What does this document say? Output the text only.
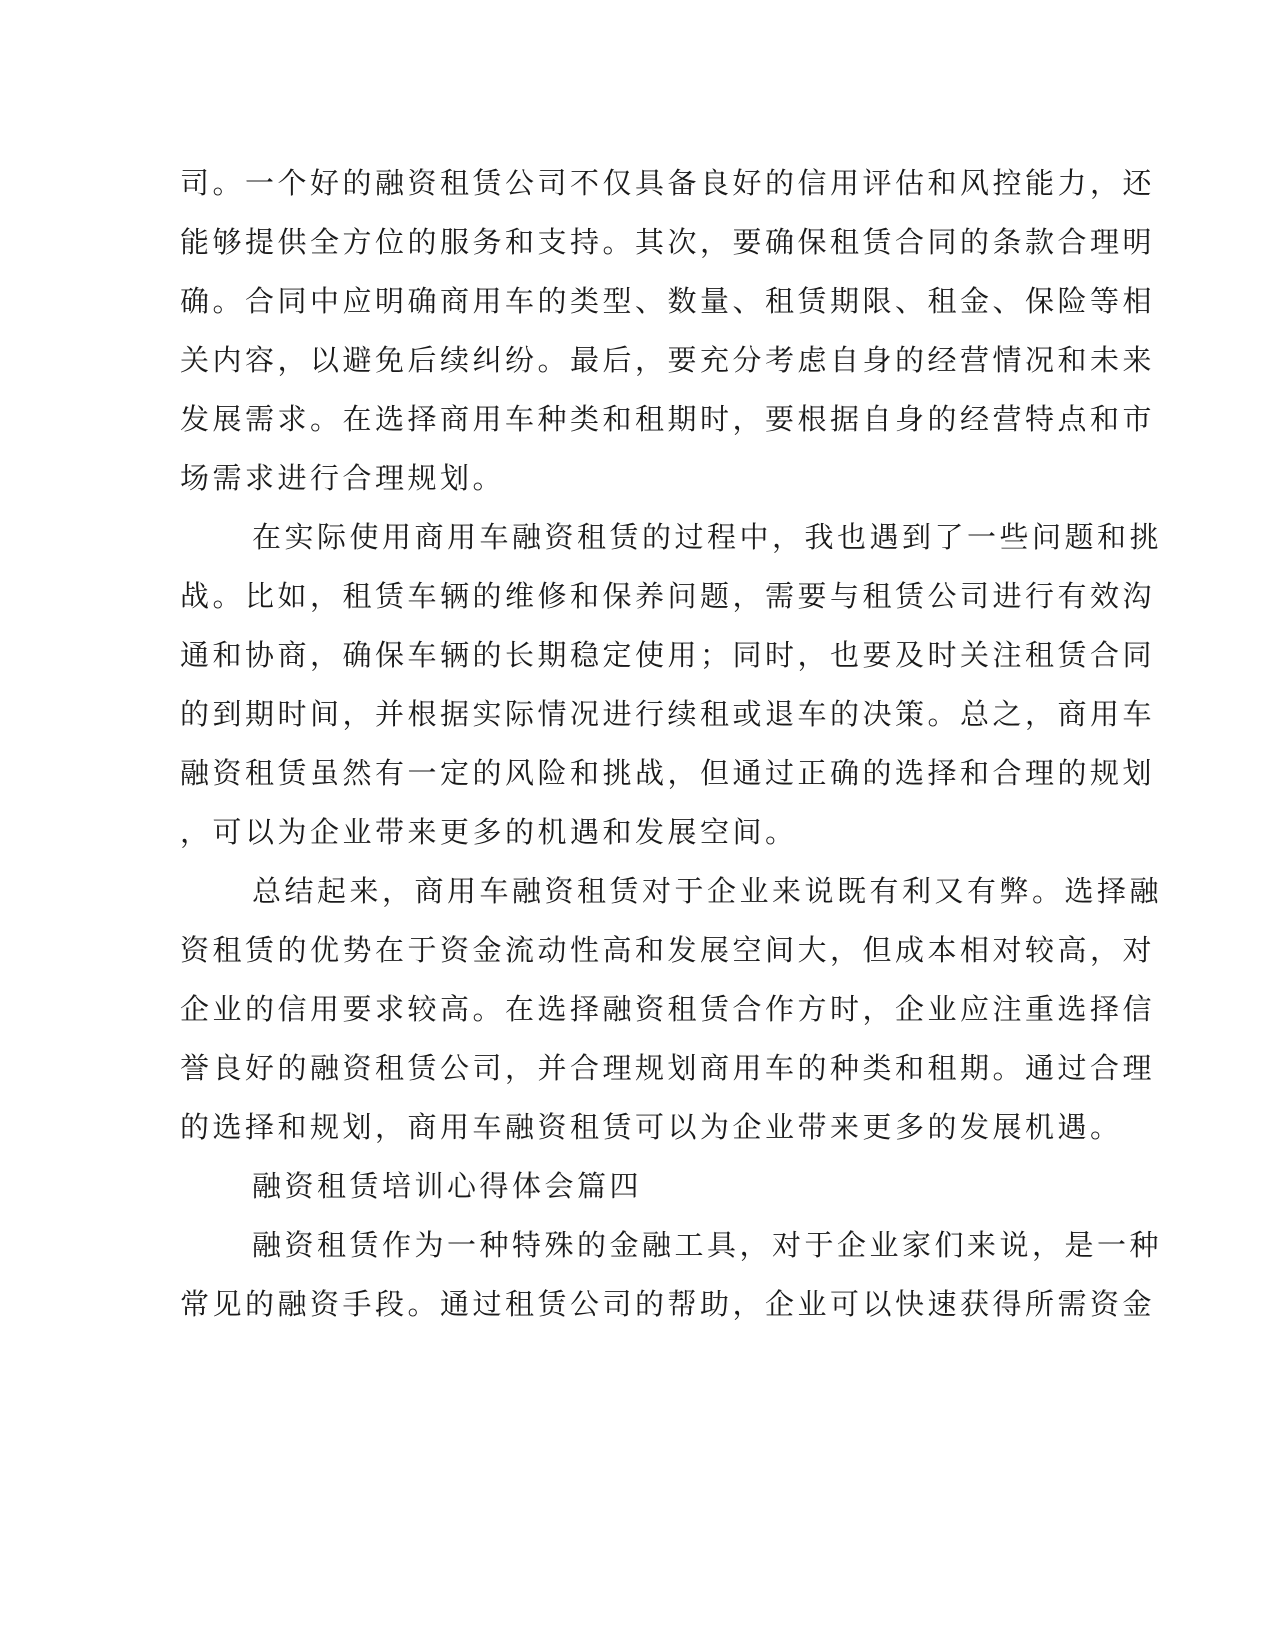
司。一个好的融资租赁公司不仅具备良好的信用评估和风控能力，还

能够提供全方位的服务和支持。其次，要确保租赁合同的条款合理明

确。合同中应明确商用车的类型、数量、租赁期限、租金、保险等相

关内容，以避免后续纠纷。最后，要充分考虑自身的经营情况和未来

发展需求。在选择商用车种类和租期时，要根据自身的经营特点和市

场需求进行合理规划。

在实际使用商用车融资租赁的过程中，我也遇到了一些问题和挑

战。比如，租赁车辆的维修和保养问题，需要与租赁公司进行有效沟

通和协商，确保车辆的长期稳定使用；同时，也要及时关注租赁合同

的到期时间，并根据实际情况进行续租或退车的决策。总之，商用车

融资租赁虽然有一定的风险和挑战，但通过正确的选择和合理的规划

，可以为企业带来更多的机遇和发展空间。

总结起来，商用车融资租赁对于企业来说既有利又有弊。选择融

资租赁的优势在于资金流动性高和发展空间大，但成本相对较高，对

企业的信用要求较高。在选择融资租赁合作方时，企业应注重选择信

誉良好的融资租赁公司，并合理规划商用车的种类和租期。通过合理

的选择和规划，商用车融资租赁可以为企业带来更多的发展机遇。

融资租赁培训心得体会篇四

融资租赁作为一种特殊的金融工具，对于企业家们来说，是一种

常见的融资手段。通过租赁公司的帮助，企业可以快速获得所需资金
